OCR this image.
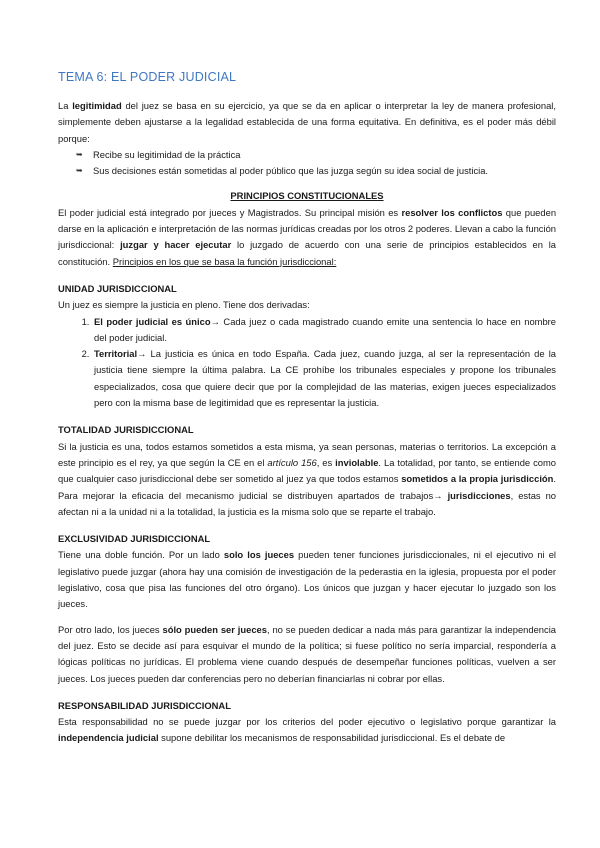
TEMA 6: EL PODER JUDICIAL

La legitimidad del juez se basa en su ejercicio, ya que se da en aplicar o interpretar la ley de manera profesional, simplemente deben ajustarse a la legalidad establecida de una forma equitativa. En definitiva, es el poder más débil porque:

➥ Recibe su legitimidad de la práctica
➥ Sus decisiones están sometidas al poder público que las juzga según su idea social de justicia.
PRINCIPIOS CONSTITUCIONALES

El poder judicial está integrado por jueces y Magistrados. Su principal misión es resolver los conflictos que pueden darse en la aplicación e interpretación de las normas jurídicas creadas por los otros 2 poderes. Llevan a cabo la función jurisdiccional: juzgar y hacer ejecutar lo juzgado de acuerdo con una serie de principios establecidos en la constitución. Principios en los que se basa la función jurisdiccional:

UNIDAD JURISDICCIONAL

Un juez es siempre la justicia en pleno. Tiene dos derivadas:

1. El poder judicial es único→ Cada juez o cada magistrado cuando emite una sentencia lo hace en nombre del poder judicial.
2. Territorial→ La justicia es única en todo España. Cada juez, cuando juzga, al ser la representación de la justicia tiene siempre la última palabra. La CE prohíbe los tribunales especiales y propone los tribunales especializados, cosa que quiere decir que por la complejidad de las materias, exigen jueces especializados pero con la misma base de legitimidad que es representar la justicia.
TOTALIDAD JURISDICCIONAL

Si la justicia es una, todos estamos sometidos a esta misma, ya sean personas, materias o territorios. La excepción a este principio es el rey, ya que según la CE en el artículo 156, es inviolable. La totalidad, por tanto, se entiende como que cualquier caso jurisdiccional debe ser sometido al juez ya que todos estamos sometidos a la propia jurisdicción. Para mejorar la eficacia del mecanismo judicial se distribuyen apartados de trabajos→ jurisdicciones, estas no afectan ni a la unidad ni a la totalidad, la justicia es la misma solo que se reparte el trabajo.

EXCLUSIVIDAD JURISDICCIONAL

Tiene una doble función. Por un lado solo los jueces pueden tener funciones jurisdiccionales, ni el ejecutivo ni el legislativo puede juzgar (ahora hay una comisión de investigación de la pederastia en la iglesia, propuesta por el poder legislativo, cosa que pisa las funciones del otro órgano). Los únicos que juzgan y hacer ejecutar lo juzgado son los jueces.

Por otro lado, los jueces sólo pueden ser jueces, no se pueden dedicar a nada más para garantizar la independencia del juez. Esto se decide así para esquivar el mundo de la política; si fuese político no sería imparcial, respondería a lógicas políticas no jurídicas. El problema viene cuando después de desempeñar funciones políticas, vuelven a ser jueces. Los jueces pueden dar conferencias pero no deberían financiarlas ni cobrar por ellas.

RESPONSABILIDAD JURISDICCIONAL

Esta responsabilidad no se puede juzgar por los criterios del poder ejecutivo o legislativo porque garantizar la independencia judicial supone debilitar los mecanismos de responsabilidad jurisdiccional. Es el debate de
